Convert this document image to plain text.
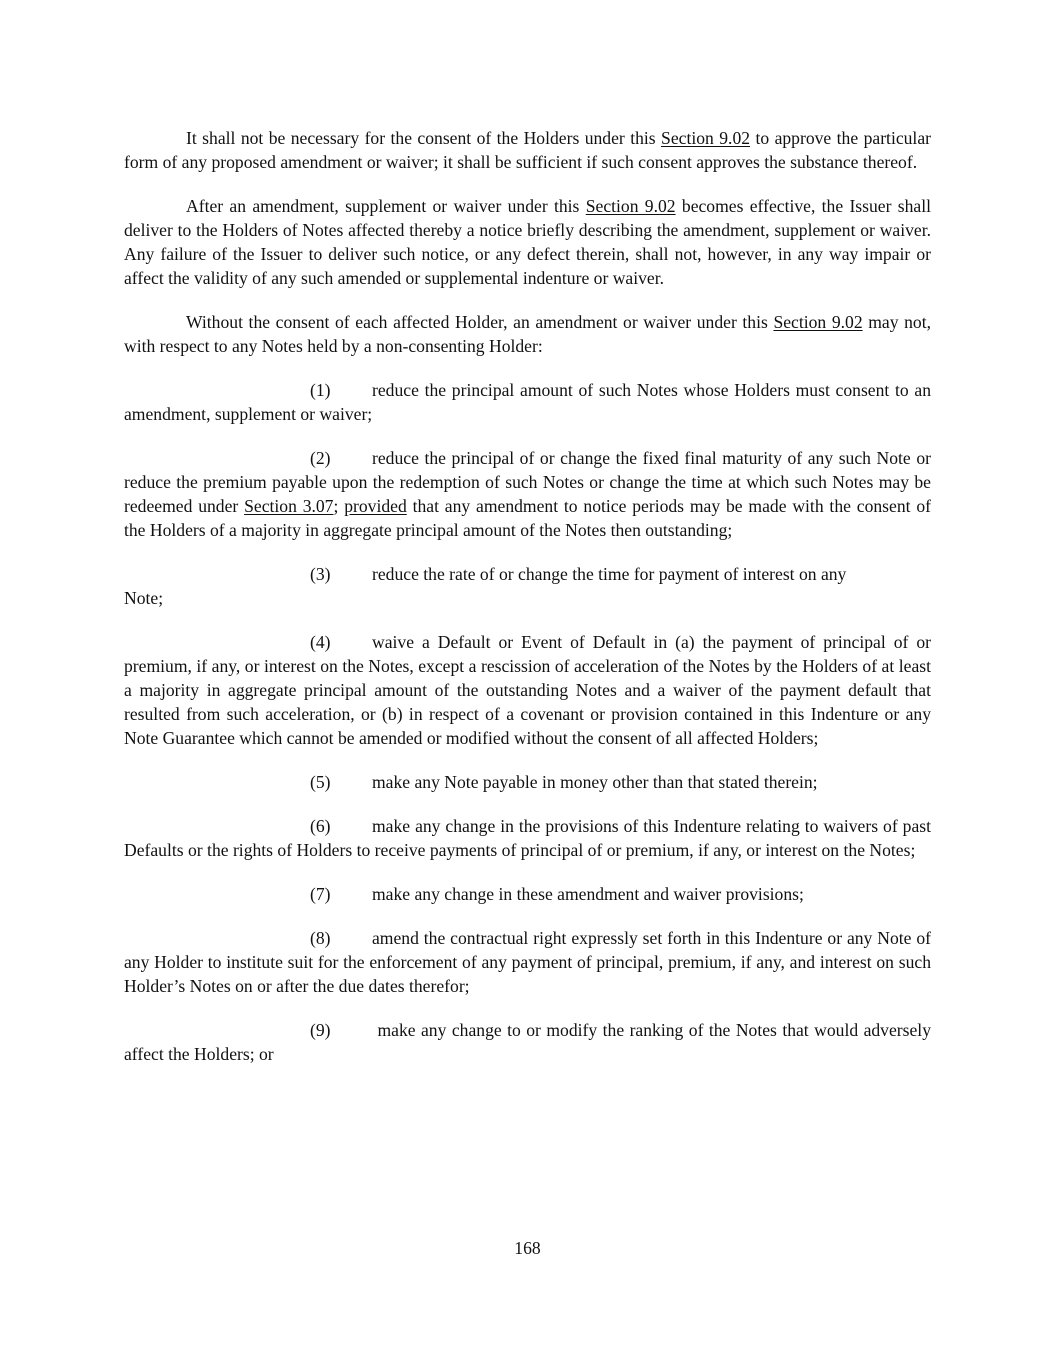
It shall not be necessary for the consent of the Holders under this Section 9.02 to approve the particular form of any proposed amendment or waiver; it shall be sufficient if such consent approves the substance thereof.

After an amendment, supplement or waiver under this Section 9.02 becomes effective, the Issuer shall deliver to the Holders of Notes affected thereby a notice briefly describing the amendment, supplement or waiver. Any failure of the Issuer to deliver such notice, or any defect therein, shall not, however, in any way impair or affect the validity of any such amended or supplemental indenture or waiver.

Without the consent of each affected Holder, an amendment or waiver under this Section 9.02 may not, with respect to any Notes held by a non-consenting Holder:

(1) reduce the principal amount of such Notes whose Holders must consent to an amendment, supplement or waiver;

(2) reduce the principal of or change the fixed final maturity of any such Note or reduce the premium payable upon the redemption of such Notes or change the time at which such Notes may be redeemed under Section 3.07; provided that any amendment to notice periods may be made with the consent of the Holders of a majority in aggregate principal amount of the Notes then outstanding;

(3) reduce the rate of or change the time for payment of interest on any
Note;

(4) waive a Default or Event of Default in (a) the payment of principal of or premium, if any, or interest on the Notes, except a rescission of acceleration of the Notes by the Holders of at least a majority in aggregate principal amount of the outstanding Notes and a waiver of the payment default that resulted from such acceleration, or (b) in respect of a covenant or provision contained in this Indenture or any Note Guarantee which cannot be amended or modified without the consent of all affected Holders;

(5) make any Note payable in money other than that stated therein;

(6) make any change in the provisions of this Indenture relating to waivers of past Defaults or the rights of Holders to receive payments of principal of or premium, if any, or interest on the Notes;

(7) make any change in these amendment and waiver provisions;

(8) amend the contractual right expressly set forth in this Indenture or any Note of any Holder to institute suit for the enforcement of any payment of principal, premium, if any, and interest on such Holder’s Notes on or after the due dates therefor;

(9) make any change to or modify the ranking of the Notes that would adversely affect the Holders; or

168
